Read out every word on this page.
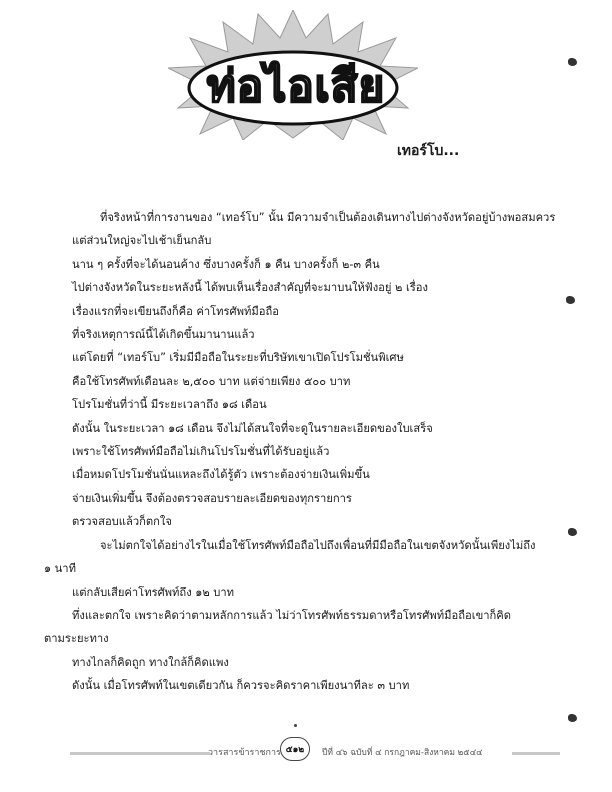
ท่อไอเสีย
เทอร์โบ...
ที่จริงหน้าที่การงานของ “เทอร์โบ” นั้น มีความจำเป็นต้องเดินทางไปต่างจังหวัดอยู่บ้างพอสมควร
แต่ส่วนใหญ่จะไปเช้าเย็นกลับ
นาน ๆ ครั้งที่จะได้นอนค้าง ซึ่งบางครั้งก็ ๑ คืน บางครั้งก็ ๒-๓ คืน
ไปต่างจังหวัดในระยะหลังนี้ ได้พบเห็นเรื่องสำคัญที่จะมาบนให้ฟังอยู่ ๒ เรื่อง
เรื่องแรกที่จะเขียนถึงก็คือ ค่าโทรศัพท์มือถือ
ที่จริงเหตุการณ์นี้ได้เกิดขึ้นมานานแล้ว
แต่โดยที่ “เทอร์โบ” เริ่มมีมือถือในระยะที่บริษัทเขาเปิดโปรโมชั่นพิเศษ
คือใช้โทรศัพท์เดือนละ ๒,๕๐๐ บาท แต่จ่ายเพียง ๕๐๐ บาท
โปรโมชั่นที่ว่านี้ มีระยะเวลาถึง ๑๘ เดือน
ดังนั้น ในระยะเวลา ๑๘ เดือน จึงไม่ได้สนใจที่จะดูในรายละเอียดของใบเสร็จ
เพราะใช้โทรศัพท์มือถือไม่เกินโปรโมชั่นที่ได้รับอยู่แล้ว
เมื่อหมดโปรโมชั่นนั่นแหละถึงได้รู้ตัว เพราะต้องจ่ายเงินเพิ่มขึ้น
จ่ายเงินเพิ่มขึ้น จึงต้องตรวจสอบรายละเอียดของทุกรายการ
ตรวจสอบแล้วก็ตกใจ
จะไม่ตกใจได้อย่างไรในเมื่อใช้โทรศัพท์มือถือไปถึงเพื่อนที่มีมือถือในเขตจังหวัดนั้นเพียงไม่ถึง
๑ นาที
แต่กลับเสียค่าโทรศัพท์ถึง ๑๒ บาท
ทึ่งและตกใจ เพราะคิดว่าตามหลักการแล้ว ไม่ว่าโทรศัพท์ธรรมดาหรือโทรศัพท์มือถือเขาก็คิด
ตามระยะทาง
ทางไกลก็คิดถูก ทางใกล้ก็คิดแพง
ดังนั้น เมื่อโทรศัพท์ในเขตเดียวกัน ก็ควรจะคิดราคาเพียงนาทีละ ๓ บาท
วารสารข้าราชการ ๕๑๒	ปีที่ ๔๖ ฉบับที่ ๔ กรกฎาคม-สิงหาคม ๒๕๔๔
